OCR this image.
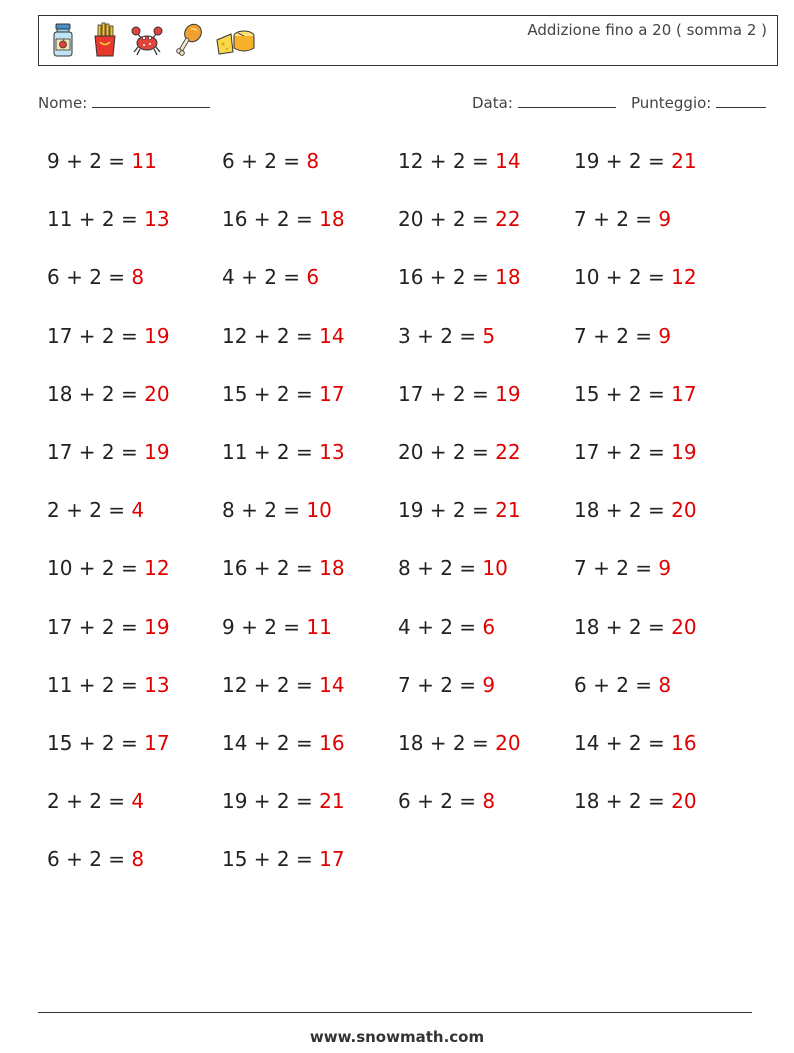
Addizione fino a 20 ( somma 2 )
Nome:	Data:	Punteggio:
9 + 2 = 11	6 + 2 = 8	12 + 2 = 14	19 + 2 = 21
11 + 2 = 13	16 + 2 = 18	20 + 2 = 22	7 + 2 = 9
6 + 2 = 8	4 + 2 = 6	16 + 2 = 18	10 + 2 = 12
17 + 2 = 19	12 + 2 = 14	3 + 2 = 5	7 + 2 = 9
18 + 2 = 20	15 + 2 = 17	17 + 2 = 19	15 + 2 = 17
17 + 2 = 19	11 + 2 = 13	20 + 2 = 22	17 + 2 = 19
2 + 2 = 4	8 + 2 = 10	19 + 2 = 21	18 + 2 = 20
10 + 2 = 12	16 + 2 = 18	8 + 2 = 10	7 + 2 = 9
17 + 2 = 19	9 + 2 = 11	4 + 2 = 6	18 + 2 = 20
11 + 2 = 13	12 + 2 = 14	7 + 2 = 9	6 + 2 = 8
15 + 2 = 17	14 + 2 = 16	18 + 2 = 20	14 + 2 = 16
2 + 2 = 4	19 + 2 = 21	6 + 2 = 8	18 + 2 = 20
6 + 2 = 8	15 + 2 = 17
www.snowmath.com
